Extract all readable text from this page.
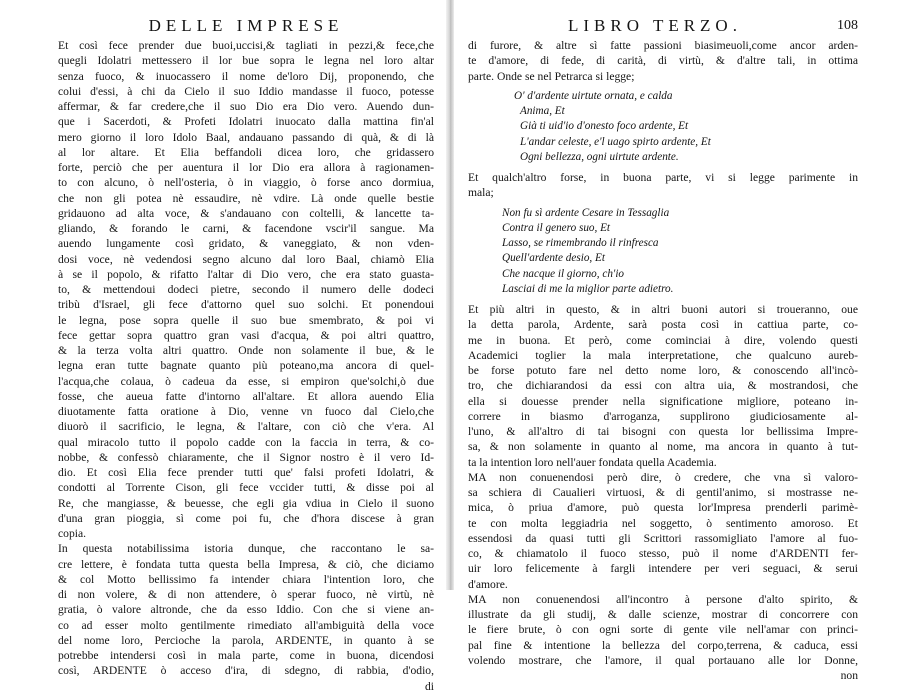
DELLE IMPRESE
Et così fece prender due buoi,uccisi,& tagliati in pezzi,& fece,che
quegli Idolatri mettessero il lor bue sopra le legna nel loro altar
senza fuoco, & inuocassero il nome de'loro Dij, proponendo, che
colui d'essi, à chi da Cielo il suo Iddio mandasse il fuoco, potesse
affermar, & far credere,che il suo Dio era Dio vero. Auendo dun-
que i Sacerdoti, & Profeti Idolatri inuocato dalla mattina fin'al
mero giorno il loro Idolo Baal, andauano passando di quà, & di là
al lor altare. Et Elia beffandoli dicea loro, che gridassero
forte, perciò che per auentura il lor Dio era allora à ragionamen-
to con alcuno, ò nell'osteria, ò in viaggio, ò forse anco dormiua,
che non gli potea nè essaudire, nè vdire. Là onde quelle bestie
gridauono ad alta voce, & s'andauano con coltelli, & lancette ta-
gliando, & forando le carni, & facendone vscir'il sangue. Ma
auendo lungamente così gridato, & vaneggiato, & non vden-
dosi voce, nè vedendosi segno alcuno dal loro Baal, chiamò Elia
à se il popolo, & rifatto l'altar di Dio vero, che era stato guasta-
to, & mettendoui dodeci pietre, secondo il numero delle dodeci
tribù d'Israel, gli fece d'attorno quel suo solchi. Et ponendoui
le legna, pose sopra quelle il suo bue smembrato, & poi vi
fece gettar sopra quattro gran vasi d'acqua, & poi altri quattro,
& la terza volta altri quattro. Onde non solamente il bue, & le
legna eran tutte bagnate quanto più poteano,ma ancora di quel-
l'acqua,che colaua, ò cadeua da esse, si empiron que'solchi,ò due
fosse, che aueua fatte d'intorno all'altare. Et allora auendo Elia
diuotamente fatta oratione à Dio, venne vn fuoco dal Cielo,che
diuorò il sacrificio, le legna, & l'altare, con ciò che v'era. Al
qual miracolo tutto il popolo cadde con la faccia in terra, & co-
nobbe, & confessò chiaramente, che il Signor nostro è il vero Id-
dio. Et così Elia fece prender tutti que' falsi profeti Idolatri, &
condotti al Torrente Cison, gli fece vccider tutti, & disse poi al
Re, che mangiasse, & beuesse, che egli gia vdiua in Cielo il suono
d'una gran pioggia, sì come poi fu, che d'hora discese à gran
copia.
In questa notabilissima istoria dunque, che raccontano le sa-
cre lettere, è fondata tutta questa bella Impresa, & ciò, che diciamo
& col Motto bellissimo fa intender chiara l'intention loro, che
di non volere, & di non attendere, ò sperar fuoco, nè virtù, nè
gratia, ò valore altronde, che da esso Iddio. Con che si viene an-
co ad esser molto gentilmente rimediato all'ambiguità della voce
del nome loro, Percioche la parola, ARDENTE, in quanto à se
potrebbe intendersi così in mala parte, come in buona, dicendosi
così, ARDENTE ò acceso d'ira, di sdegno, di rabbia, d'odio,
di
LIBRO TERZO.	108
di furore, & altre sì fatte passioni biasimeuoli,come ancor arden-
te d'amore, di fede, di carità, di virtù, & d'altre tali, in ottima
parte. Onde se nel Petrarca si legge;
O' d'ardente uirtute ornata, e calda
Anima, Et
Già ti uid'io d'onesto foco ardente, Et
L'andar celeste, e'l uago spirto ardente, Et
Ogni bellezza, ogni uirtute ardente.
Et qualch'altro forse, in buona parte, vi si legge parimente in
mala;
Non fu sì ardente Cesare in Tessaglia
Contra il genero suo, Et
Lasso, se rimembrando il rinfresca
Quell'ardente desio, Et
Che nacque il giorno, ch'io
Lasciai di me la miglior parte adietro.
Et più altri in questo, & in altri buoni autori si troueranno, oue
la detta parola, Ardente, sarà posta così in cattiua parte, co-
me in buona. Et però, come cominciai à dire, volendo questi
Academici toglier la mala interpretatione, che qualcuno aureb-
be forse potuto fare nel detto nome loro, & conoscendo all'incò-
tro, che dichiarandosi da essi con altra uia, & mostrandosi, che
ella si douesse prender nella significatione migliore, poteano in-
correre in biasmo d'arroganza, supplirono giudiciosamente al-
l'uno, & all'altro di tai bisogni con questa lor bellissima Impre-
sa, & non solamente in quanto al nome, ma ancora in quanto à tut-
ta la intention loro nell'auer fondata quella Academia.
MA non conuenendosi però dire, ò credere, che vna sì valoro-
sa schiera di Caualieri virtuosi, & di gentil'animo, si mostrasse ne-
mica, ò priua d'amore, può questa lor'Impresa prenderli parimè-
te con molta leggiadria nel soggetto, ò sentimento amoroso. Et
essendosi da quasi tutti gli Scrittori rassomigliato l'amore al fuo-
co, & chiamatolo il fuoco stesso, può il nome d'ARDENTI fer-
uir loro felicemente à fargli intendere per veri seguaci, & serui
d'amore.
MA non conuenendosi all'incontro à persone d'alto spirito, &
illustrate da gli studij, & dalle scienze, mostrar di concorrere con
le fiere brute, ò con ogni sorte di gente vile nell'amar con princi-
pal fine & intentione la bellezza del corpo,terrena, & caduca, essi
volendo mostrare, che l'amore, il qual portauano alle lor Donne,
non
